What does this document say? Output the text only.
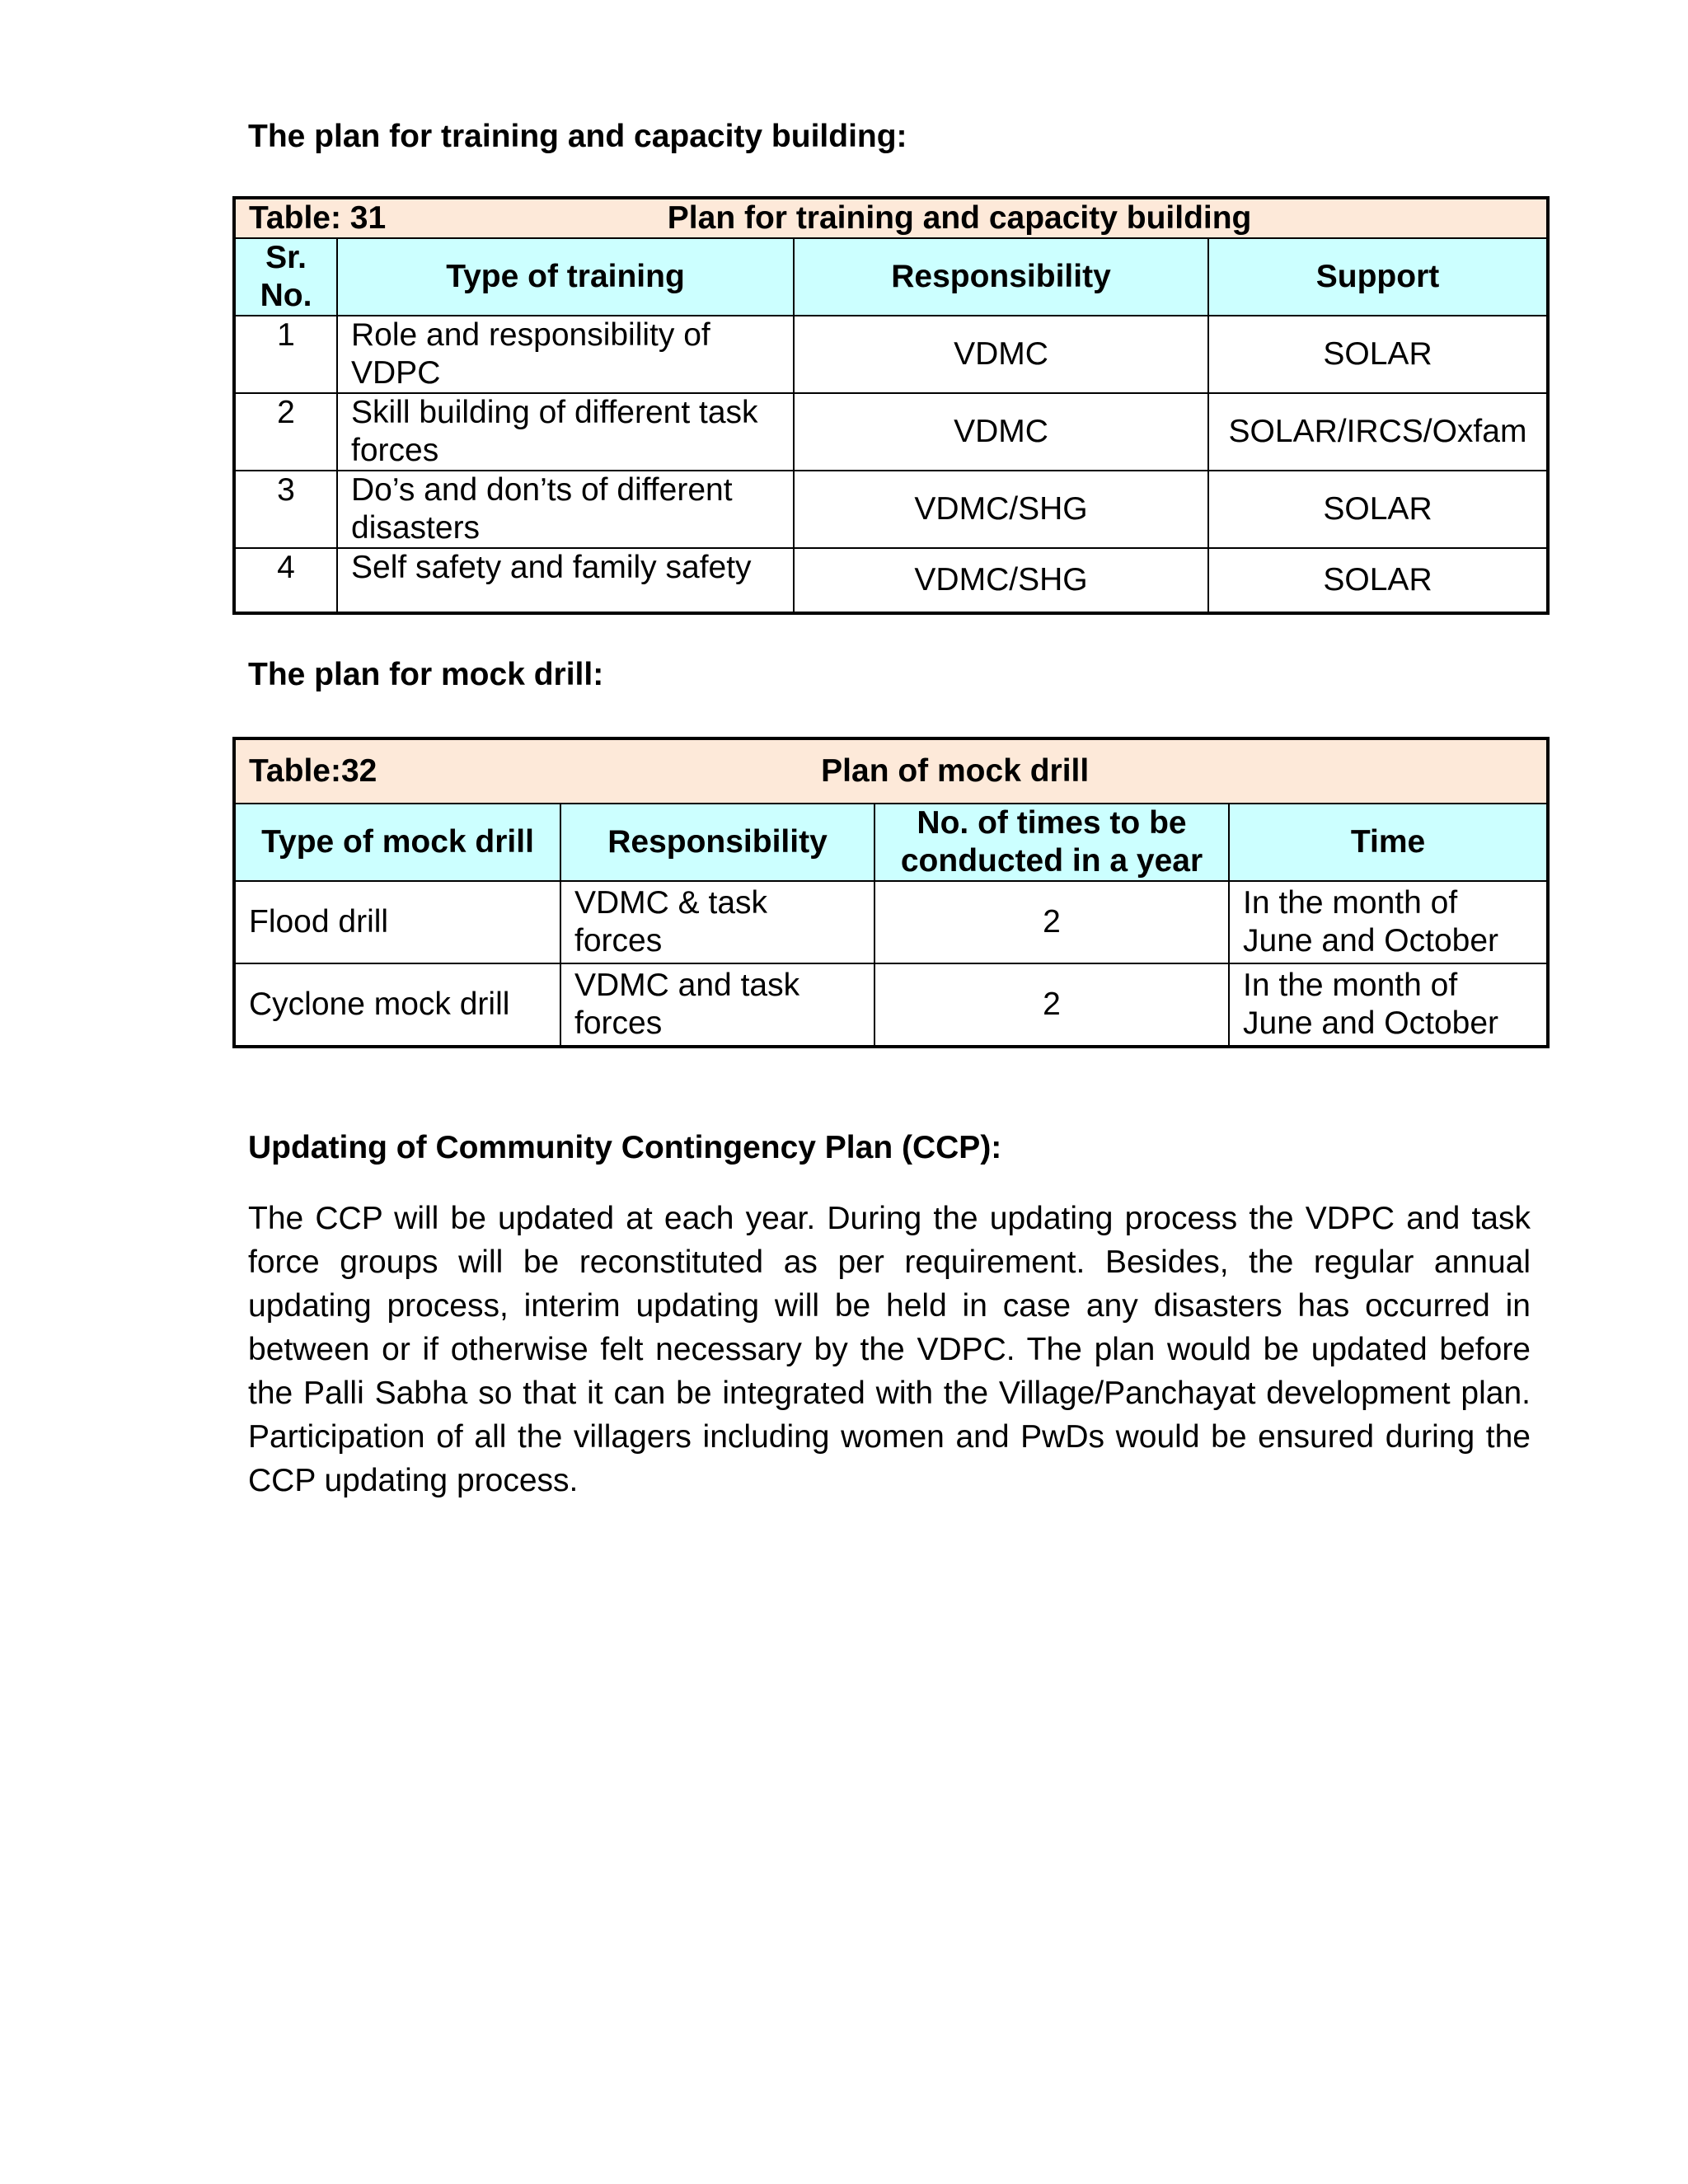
The plan for training and capacity building:

Table: 31 Plan for training and capacity building			

Sr. No.	Type of training	Responsibility	Support
1	Role and responsibility of VDPC	VDMC	SOLAR
2	Skill building of different task forces	VDMC	SOLAR/IRCS/Oxfam
3	Do’s and don’ts of different disasters	VDMC/SHG	SOLAR
4	Self safety and family safety	VDMC/SHG	SOLAR

The plan for mock drill:

Table:32 Plan of mock drill			

Type of mock drill	Responsibility	No. of times to be conducted in a year	Time
Flood drill	VDMC & task forces	2	In the month of June and October
Cyclone mock drill	VDMC and task forces	2	In the month of June and October

Updating of Community Contingency Plan (CCP):

The CCP will be updated at each year. During the updating process the VDPC and task force groups will be reconstituted as per requirement. Besides, the regular annual updating process, interim updating will be held in case any disasters has occurred in between or if otherwise felt necessary by the VDPC. The plan would be updated before the Palli Sabha so that it can be integrated with the Village/Panchayat development plan. Participation of all the villagers including women and PwDs would be ensured during the CCP updating process.
